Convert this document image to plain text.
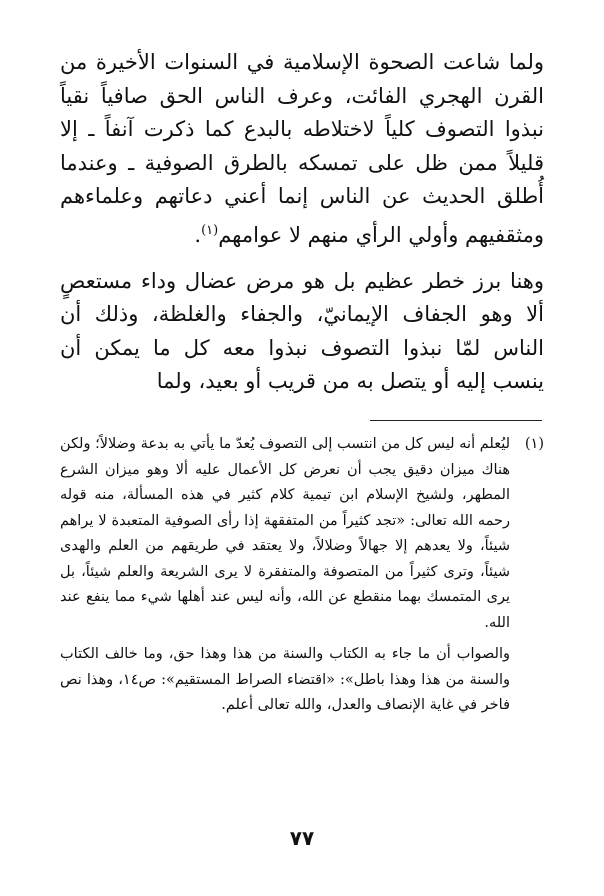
ولما شاعت الصحوة الإسلامية في السنوات الأخيرة من القرن الهجري الفائت، وعرف الناس الحق صافياً نقياً نبذوا التصوف كلياً لاختلاطه بالبدع كما ذكرت آنفاً ـ إلا قليلاً ممن ظل على تمسكه بالطرق الصوفية ـ وعندما أُطلق الحديث عن الناس إنما أعني دعاتهم وعلماءهم ومثقفيهم وأولي الرأي منهم لا عوامهم$^{(١)}$.

وهنا برز خطر عظيم بل هو مرض عضال وداء مستعصٍ ألا وهو الجفاف الإيمانيّ، والجفاء والغلظة، وذلك أن الناس لمّا نبذوا التصوف نبذوا معه كل ما يمكن أن ينسب إليه أو يتصل به من قريب أو بعيد، ولما

(١)
ليُعلم أنه ليس كل من انتسب إلى التصوف يُعدّ ما يأتي به بدعة وضلالاً؛ ولكن هناك ميزان دقيق يجب أن نعرض كل الأعمال عليه ألا وهو ميزان الشرع المطهر، ولشيخ الإسلام ابن تيمية كلام كثير في هذه المسألة، منه قوله رحمه الله تعالى: «تجد كثيراً من المتفقهة إذا رأى الصوفية المتعبدة لا يراهم شيئاً، ولا يعدهم إلا جهالاً وضلالاً، ولا يعتقد في طريقهم من العلم والهدى شيئاً، وترى كثيراً من المتصوفة والمتفقرة لا يرى الشريعة والعلم شيئاً، بل يرى المتمسك بهما منقطع عن الله، وأنه ليس عند أهلها شيء مما ينفع عند الله.

والصواب أن ما جاء به الكتاب والسنة من هذا وهذا حق، وما خالف الكتاب والسنة من هذا وهذا باطل»: «اقتضاء الصراط المستقيم»: ص١٤، وهذا نص فاخر في غاية الإنصاف والعدل، والله تعالى أعلم.

٧٧
